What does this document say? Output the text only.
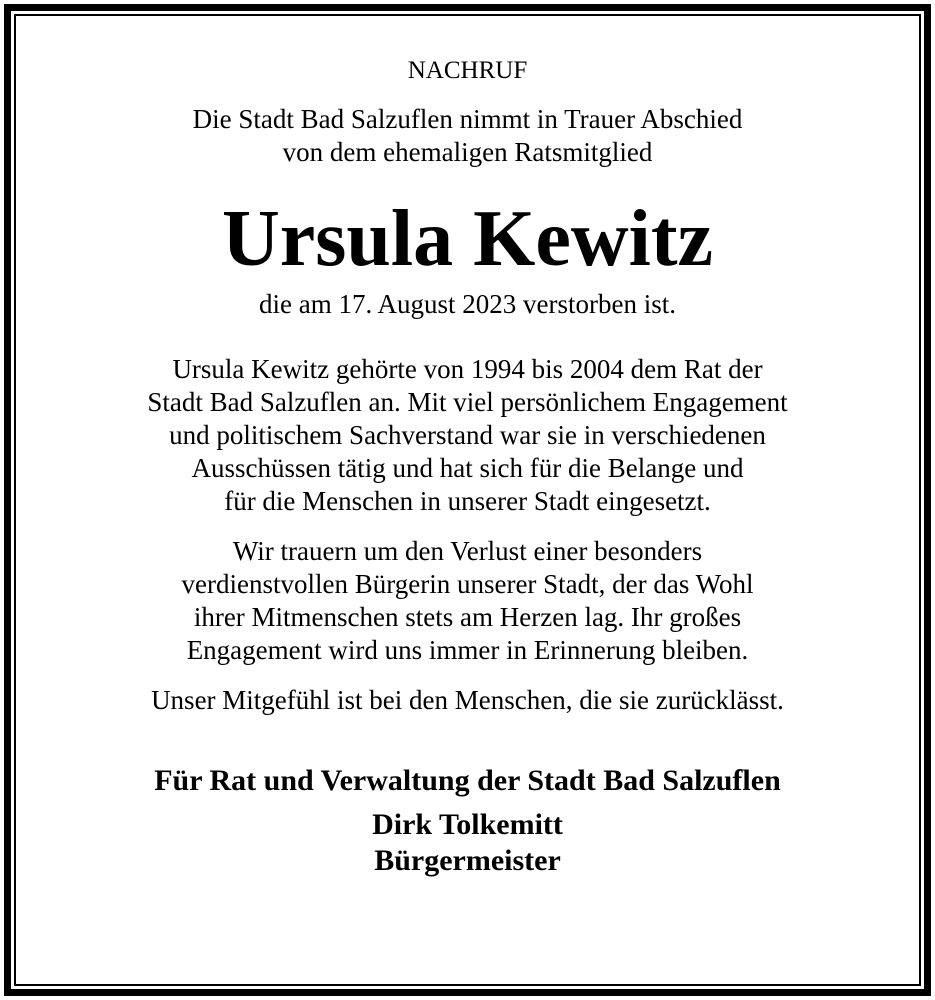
NACHRUF
Die Stadt Bad Salzuflen nimmt in Trauer Abschied
von dem ehemaligen Ratsmitglied
Ursula Kewitz
die am 17. August 2023 verstorben ist.
Ursula Kewitz gehörte von 1994 bis 2004 dem Rat der
Stadt Bad Salzuflen an. Mit viel persönlichem Engagement
und politischem Sachverstand war sie in verschiedenen
Ausschüssen tätig und hat sich für die Belange und
für die Menschen in unserer Stadt eingesetzt.
Wir trauern um den Verlust einer besonders
verdienstvollen Bürgerin unserer Stadt, der das Wohl
ihrer Mitmenschen stets am Herzen lag. Ihr großes
Engagement wird uns immer in Erinnerung bleiben.
Unser Mitgefühl ist bei den Menschen, die sie zurücklässt.
Für Rat und Verwaltung der Stadt Bad Salzuflen
Dirk Tolkemitt
Bürgermeister
